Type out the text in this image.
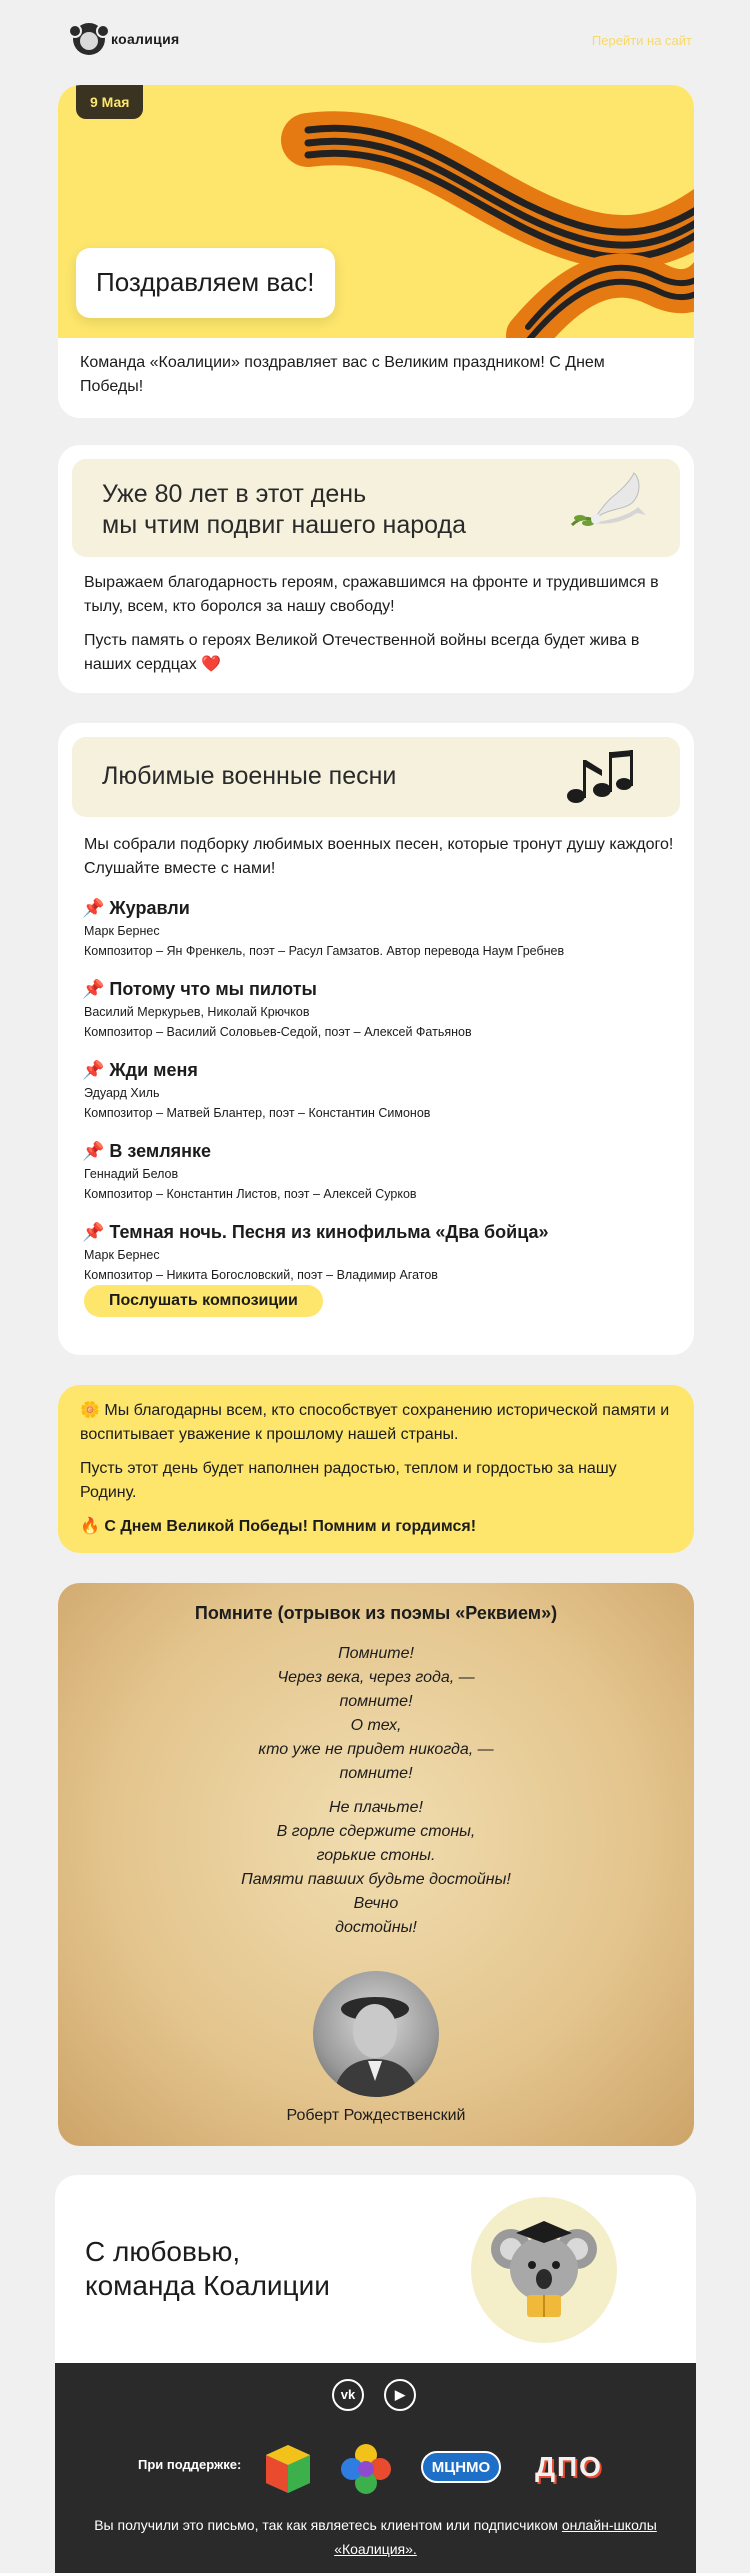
коалиция	Перейти на сайт
9 Мая
Поздравляем вас!
Команда «Коалиции» поздравляет вас с Великим праздником! С Днем Победы!
Уже 80 лет в этот день
мы чтим подвиг нашего народа
Выражаем благодарность героям, сражавшимся на фронте и трудившимся в тылу, всем, кто боролся за нашу свободу!
Пусть память о героях Великой Отечественной войны всегда будет жива в наших сердцах ❤️
Любимые военные песни
Мы собрали подборку любимых военных песен, которые тронут душу каждого! Слушайте вместе с нами!
📌 Журавли
Марк Бернес
Композитор – Ян Френкель, поэт – Расул Гамзатов. Автор перевода Наум Гребнев
📌 Потому что мы пилоты
Василий Меркурьев, Николай Крючков
Композитор – Василий Соловьев-Седой, поэт – Алексей Фатьянов
📌 Жди меня
Эдуард Хиль
Композитор – Матвей Блантер, поэт – Константин Симонов
📌 В землянке
Геннадий Белов
Композитор – Константин Листов, поэт – Алексей Сурков
📌 Темная ночь. Песня из кинофильма «Два бойца»
Марк Бернес
Композитор – Никита Богословский, поэт – Владимир Агатов
Послушать композиции
🌼 Мы благодарны всем, кто способствует сохранению исторической памяти и воспитывает уважение к прошлому нашей страны.
Пусть этот день будет наполнен радостью, теплом и гордостью за нашу Родину.
🔥 С Днем Великой Победы! Помним и гордимся!
Помните (отрывок из поэмы «Реквием»)
Помните!
Через века, через года, —
помните!
О тех,
кто уже не придет никогда, —
помните!
Не плачьте!
В горле сдержите стоны,
горькие стоны.
Памяти павших будьте достойны!
Вечно
достойны!
Роберт Рождественский
С любовью,
команда Коалиции
vk	▶
При поддержке:	МЦНМО	ДПО
Вы получили это письмо, так как являетесь клиентом или подписчиком онлайн-школы «Коалиция».
